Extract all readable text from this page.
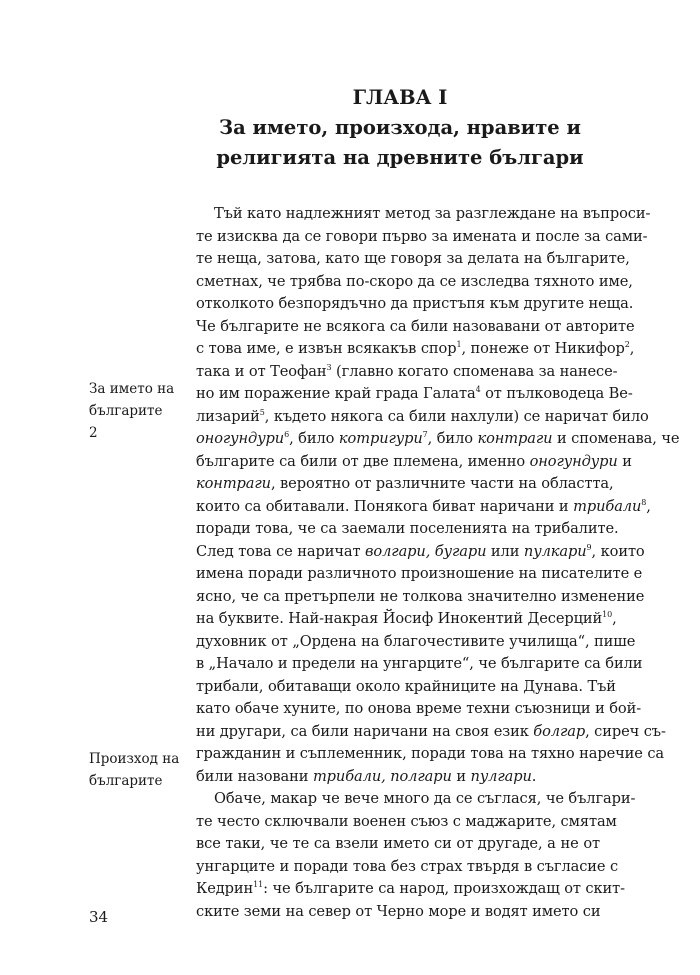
ГЛАВА I
За името, произхода, нравите и
религията на древните българи
За името на
българите
2
Произход на
българите
Тъй като надлежният метод за разглеждане на въпроси-
те изисква да се говори първо за имената и после за сами-
те неща, затова, като ще говоря за делата на българите,
сметнах, че трябва по-скоро да се изследва тяхното име,
отколкото безпорядъчно да пристъпя към другите неща.
Че българите не всякога са били назовавани от авторите
с това име, е извън всякакъв спор$^1$, понеже от Никифор$^2$,
така и от Теофан$^3$ (главно когато споменава за нанесе-
но им поражение край града Галата$^4$ от пълководеца Ве-
лизарий$^5$, където някога са били нахлули) се наричат било
оногундури$^6$, било котригури$^7$, било контраги и споменава, че
българите са били от две племена, именно оногундури и
контраги, вероятно от различните части на областта,
които са обитавали. Понякога биват наричани и трибали$^8$,
поради това, че са заемали поселенията на трибалите.
След това се наричат волгари, бугари или пулкари$^9$, които
имена поради различното произношение на писателите е
ясно, че са претърпели не толкова значително изменение
на буквите. Най-накрая Йосиф Инокентий Десерций$^{10}$,
духовник от „Ордена на благочестивите училища“, пише
в „Начало и предели на унгарците“, че българите са били
трибали, обитаващи около крайниците на Дунава. Тъй
като обаче хуните, по онова време техни съюзници и бой-
ни другари, са били наричани на своя език болгар, сиреч съ-
гражданин и съплеменник, поради това на тяхно наречие са
били назовани трибали, полгари и пулгари.
Обаче, макар че вече много да се съглася, че българи-
те често сключвали военен съюз с маджарите, смятам
все таки, че те са взели името си от другаде, а не от
унгарците и поради това без страх твърдя в съгласие с
Кедрин$^{11}$: че българите са народ, произхождащ от скит-
ските земи на север от Черно море и водят името си
34
